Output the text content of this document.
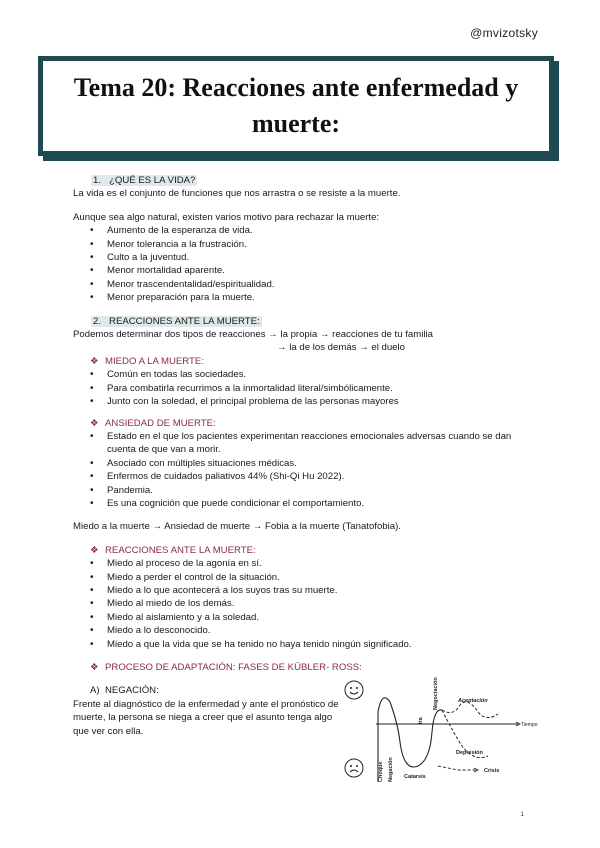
@mvizotsky
Tema 20: Reacciones ante enfermedad y muerte:

1. ¿QUÉ ES LA VIDA?

La vida es el conjunto de funciones que nos arrastra o se resiste a la muerte.

Aunque sea algo natural, existen varios motivo para rechazar la muerte:

• Aumento de la esperanza de vida.
• Menor tolerancia a la frustración.
• Culto a la juventud.
• Menor mortalidad aparente.
• Menor trascendentalidad/espiritualidad.
• Menor preparación para la muerte.

2. REACCIONES ANTE LA MUERTE:

Podemos determinar dos tipos de reacciones → la propia → reacciones de tu familia

→ la de los demás → el duelo

❖ MIEDO A LA MUERTE:

• Común en todas las sociedades.
• Para combatirla recurrimos a la inmortalidad literal/simbólicamente.
• Junto con la soledad, el principal problema de las personas mayores

❖ ANSIEDAD DE MUERTE:

• Estado en el que los pacientes experimentan reacciones emocionales adversas cuando se dan cuenta de que van a morir.
• Asociado con múltiples situaciones médicas.
• Enfermos de cuidados paliativos 44% (Shi-Qi Hu 2022).
• Pandemia.
• Es una cognición que puede condicionar el comportamiento.

Miedo a la muerte → Ansiedad de muerte → Fobia a la muerte (Tanatofobia).

❖ REACCIONES ANTE LA MUERTE:

• Miedo al proceso de la agonía en sí.
• Miedo a perder el control de la situación.
• Miedo a lo que acontecerá a los suyos tras su muerte.
• Miedo al miedo de los demás.
• Miedo al aislamiento y a la soledad.
• Miedo a lo desconocido.
• Miedo a que la vida que se ha tenido no haya tenido ningún significado.

❖ PROCESO DE ADAPTACIÓN: FASES DE KÜBLER- ROSS:

A) NEGACIÓN:

Frente al diagnóstico de la enfermedad y ante el pronóstico de muerte, la persona se niega a creer que el asunto tenga algo que ver con ella.

Tiempo
Negociación	Aceptación
Ira
Choque Negación
Depresión
Crisis
Catarsis
1
